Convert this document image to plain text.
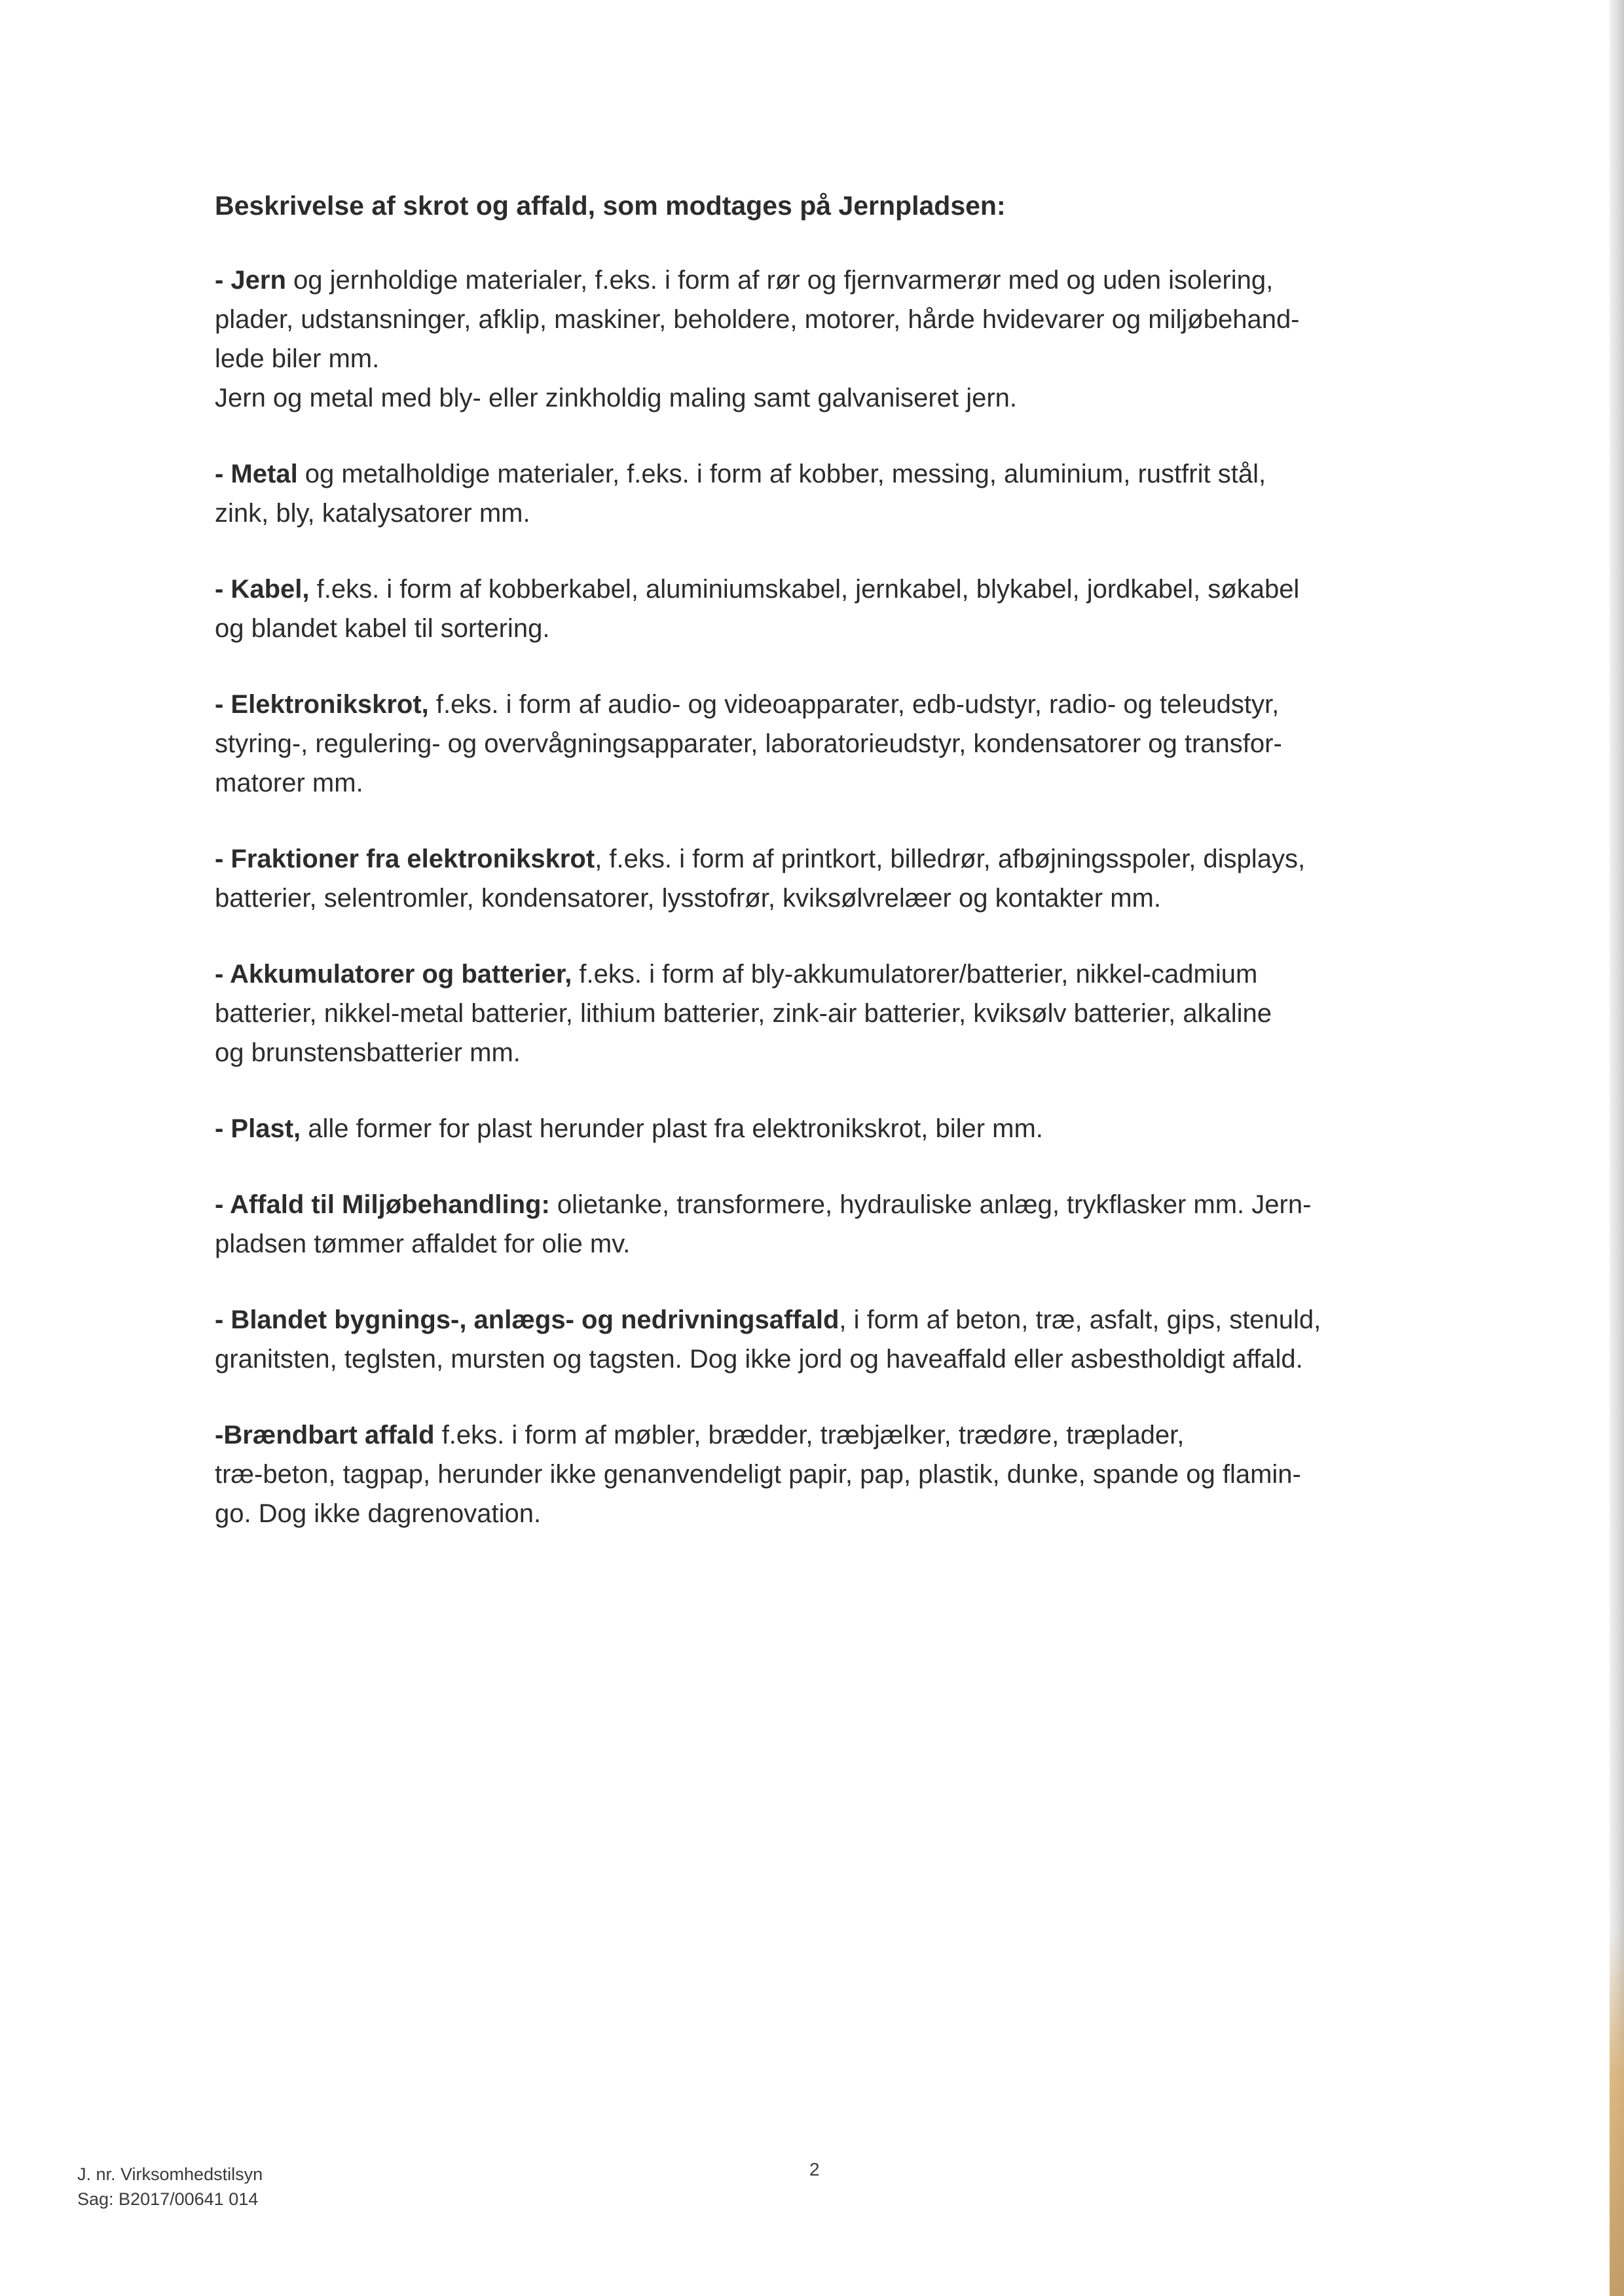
Beskrivelse af skrot og affald, som modtages på Jernpladsen:
- Jern og jernholdige materialer, f.eks. i form af rør og fjernvarmerør med og uden isolering,
plader, udstansninger, afklip, maskiner, beholdere, motorer, hårde hvidevarer og miljøbehand-
lede biler mm.
Jern og metal med bly- eller zinkholdig maling samt galvaniseret jern.
- Metal og metalholdige materialer, f.eks. i form af kobber, messing, aluminium, rustfrit stål,
zink, bly, katalysatorer mm.
- Kabel, f.eks. i form af kobberkabel, aluminiumskabel, jernkabel, blykabel, jordkabel, søkabel
og blandet kabel til sortering.
- Elektronikskrot, f.eks. i form af audio- og videoapparater, edb-udstyr, radio- og teleudstyr,
styring-, regulering- og overvågningsapparater, laboratorieudstyr, kondensatorer og transfor-
matorer mm.
- Fraktioner fra elektronikskrot, f.eks. i form af printkort, billedrør, afbøjningsspoler, displays,
batterier, selentromler, kondensatorer, lysstofrør, kviksølvrelæer og kontakter mm.
- Akkumulatorer og batterier, f.eks. i form af bly-akkumulatorer/batterier, nikkel-cadmium
batterier, nikkel-metal batterier, lithium batterier, zink-air batterier, kviksølv batterier, alkaline
og brunstensbatterier mm.
- Plast, alle former for plast herunder plast fra elektronikskrot, biler mm.
- Affald til Miljøbehandling: olietanke, transformere, hydrauliske anlæg, trykflasker mm. Jern-
pladsen tømmer affaldet for olie mv.
- Blandet bygnings-, anlægs- og nedrivningsaffald, i form af beton, træ, asfalt, gips, stenuld,
granitsten, teglsten, mursten og tagsten. Dog ikke jord og haveaffald eller asbestholdigt affald.
-Brændbart affald f.eks. i form af møbler, brædder, træbjælker, trædøre, træplader,
træ-beton, tagpap, herunder ikke genanvendeligt papir, pap, plastik, dunke, spande og flamin-
go. Dog ikke dagrenovation.
J. nr. Virksomhedstilsyn
Sag: B2017/00641 014
2
